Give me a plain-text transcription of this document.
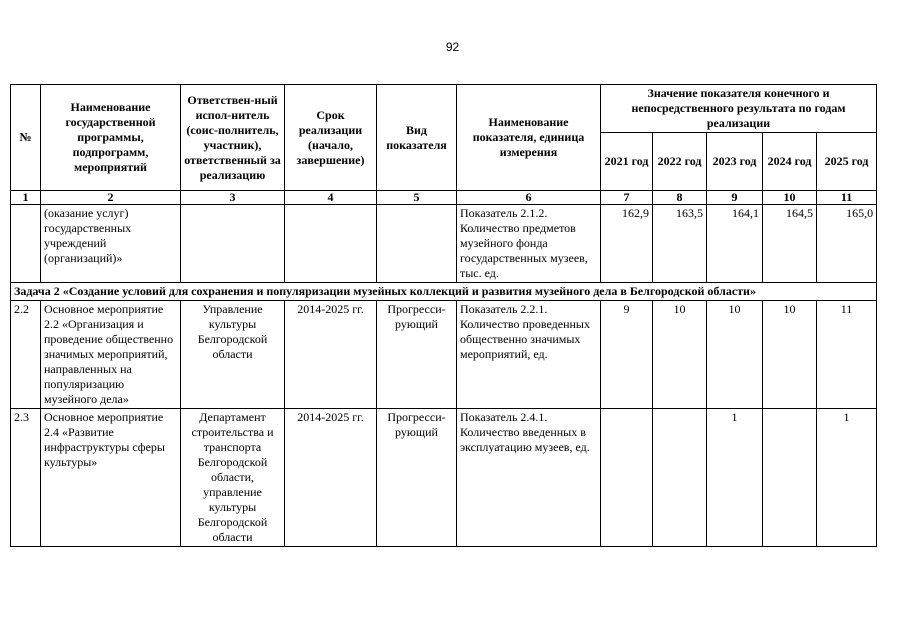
92
№	Наименование государственной программы, подпрограмм, мероприятий	Ответствен-ный испол-нитель (соис-полнитель, участник), ответственный за реализацию	Срок реализации (начало, завершение)	Вид показателя	Наименование показателя, единица измерения	Значение показателя конечного и непосредственного результата по годам реализации				
						2021 год	2022 год	2023 год	2024 год	2025 год
1	2	3	4	5	6	7	8	9	10	11
	(оказание услуг) государственных учреждений (организаций)»				Показатель 2.1.2. Количество предметов музейного фонда государственных музеев, тыс. ед.	162,9	163,5	164,1	164,5	165,0
Задача 2 «Создание условий для сохранения и популяризации музейных коллекций и развития музейного дела в Белгородской области»										
2.2	Основное мероприятие 2.2 «Организация и проведение общественно значимых мероприятий, направленных на популяризацию музейного дела»	Управление культуры Белгородской области	2014-2025 гг.	Прогресси-рующий	Показатель 2.2.1. Количество проведенных общественно значимых мероприятий, ед.	9	10	10	10	11
2.3	Основное мероприятие 2.4 «Развитие инфраструктуры сферы культуры»	Департамент строительства и транспорта Белгородской области, управление культуры Белгородской области	2014-2025 гг.	Прогресси-рующий	Показатель 2.4.1. Количество введенных в эксплуатацию музеев, ед.			1		1
